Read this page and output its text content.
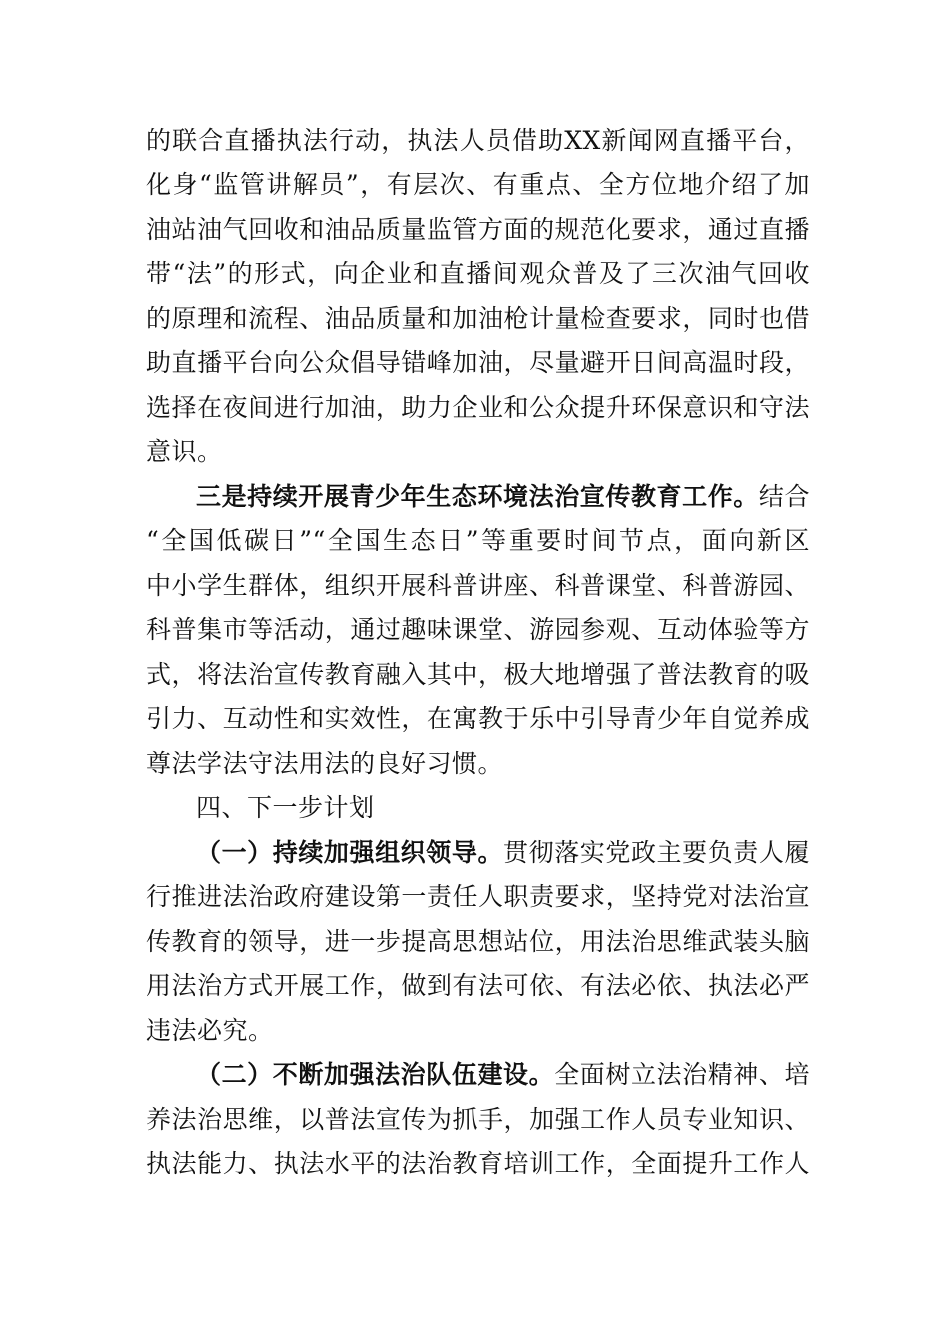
的联合直播执法行动，执法人员借助XX新闻网直播平台，
化身“监管讲解员”，有层次、有重点、全方位地介绍了加
油站油气回收和油品质量监管方面的规范化要求，通过直播
带“法”的形式，向企业和直播间观众普及了三次油气回收
的原理和流程、油品质量和加油枪计量检查要求，同时也借
助直播平台向公众倡导错峰加油，尽量避开日间高温时段，
选择在夜间进行加油，助力企业和公众提升环保意识和守法
意识。
三是持续开展青少年生态环境法治宣传教育工作。结合
“全国低碳日”“全国生态日”等重要时间节点，面向新区
中小学生群体，组织开展科普讲座、科普课堂、科普游园、
科普集市等活动，通过趣味课堂、游园参观、互动体验等方
式，将法治宣传教育融入其中，极大地增强了普法教育的吸
引力、互动性和实效性，在寓教于乐中引导青少年自觉养成
尊法学法守法用法的良好习惯。
四、下一步计划
（一）持续加强组织领导。贯彻落实党政主要负责人履
行推进法治政府建设第一责任人职责要求，坚持党对法治宣
传教育的领导，进一步提高思想站位，用法治思维武装头脑
用法治方式开展工作，做到有法可依、有法必依、执法必严
违法必究。
（二）不断加强法治队伍建设。全面树立法治精神、培
养法治思维，以普法宣传为抓手，加强工作人员专业知识、
执法能力、执法水平的法治教育培训工作，全面提升工作人
